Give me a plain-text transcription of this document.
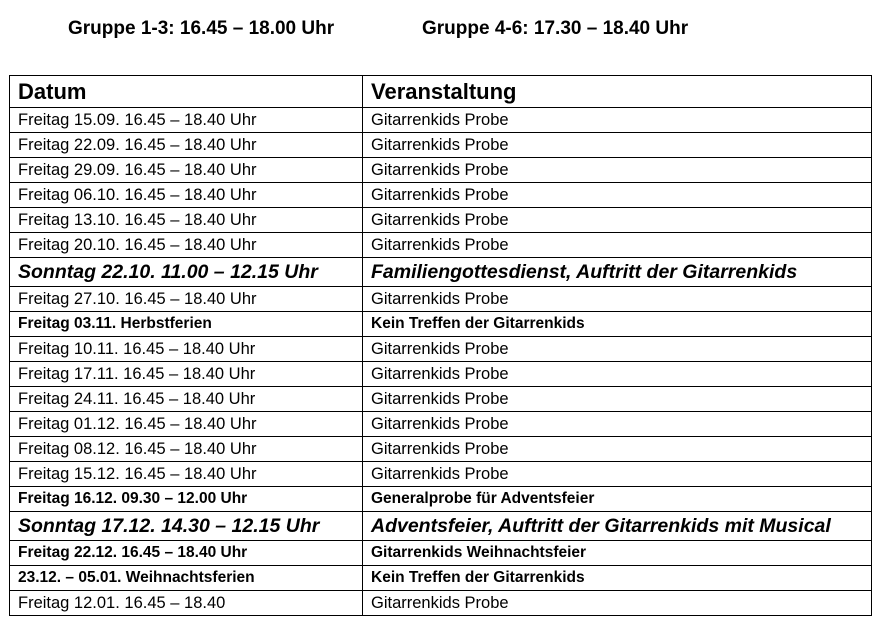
Gruppe 1-3: 16.45 – 18.00 Uhr	Gruppe 4-6: 17.30 – 18.40 Uhr
Datum	Veranstaltung
Freitag 15.09. 16.45 – 18.40 Uhr	Gitarrenkids Probe
Freitag 22.09. 16.45 – 18.40 Uhr	Gitarrenkids Probe
Freitag 29.09. 16.45 – 18.40 Uhr	Gitarrenkids Probe
Freitag 06.10. 16.45 – 18.40 Uhr	Gitarrenkids Probe
Freitag 13.10. 16.45 – 18.40 Uhr	Gitarrenkids Probe
Freitag 20.10. 16.45 – 18.40 Uhr	Gitarrenkids Probe
Sonntag 22.10. 11.00 – 12.15 Uhr	Familiengottesdienst, Auftritt der Gitarrenkids
Freitag 27.10. 16.45 – 18.40 Uhr	Gitarrenkids Probe
Freitag 03.11. Herbstferien	Kein Treffen der Gitarrenkids
Freitag 10.11. 16.45 – 18.40 Uhr	Gitarrenkids Probe
Freitag 17.11. 16.45 – 18.40 Uhr	Gitarrenkids Probe
Freitag 24.11. 16.45 – 18.40 Uhr	Gitarrenkids Probe
Freitag 01.12. 16.45 – 18.40 Uhr	Gitarrenkids Probe
Freitag 08.12. 16.45 – 18.40 Uhr	Gitarrenkids Probe
Freitag 15.12. 16.45 – 18.40 Uhr	Gitarrenkids Probe
Freitag 16.12. 09.30 – 12.00 Uhr	Generalprobe für Adventsfeier
Sonntag 17.12. 14.30 – 12.15 Uhr	Adventsfeier, Auftritt der Gitarrenkids mit Musical
Freitag 22.12. 16.45 – 18.40 Uhr	Gitarrenkids Weihnachtsfeier
23.12. – 05.01. Weihnachtsferien	Kein Treffen der Gitarrenkids
Freitag 12.01. 16.45 – 18.40	Gitarrenkids Probe
